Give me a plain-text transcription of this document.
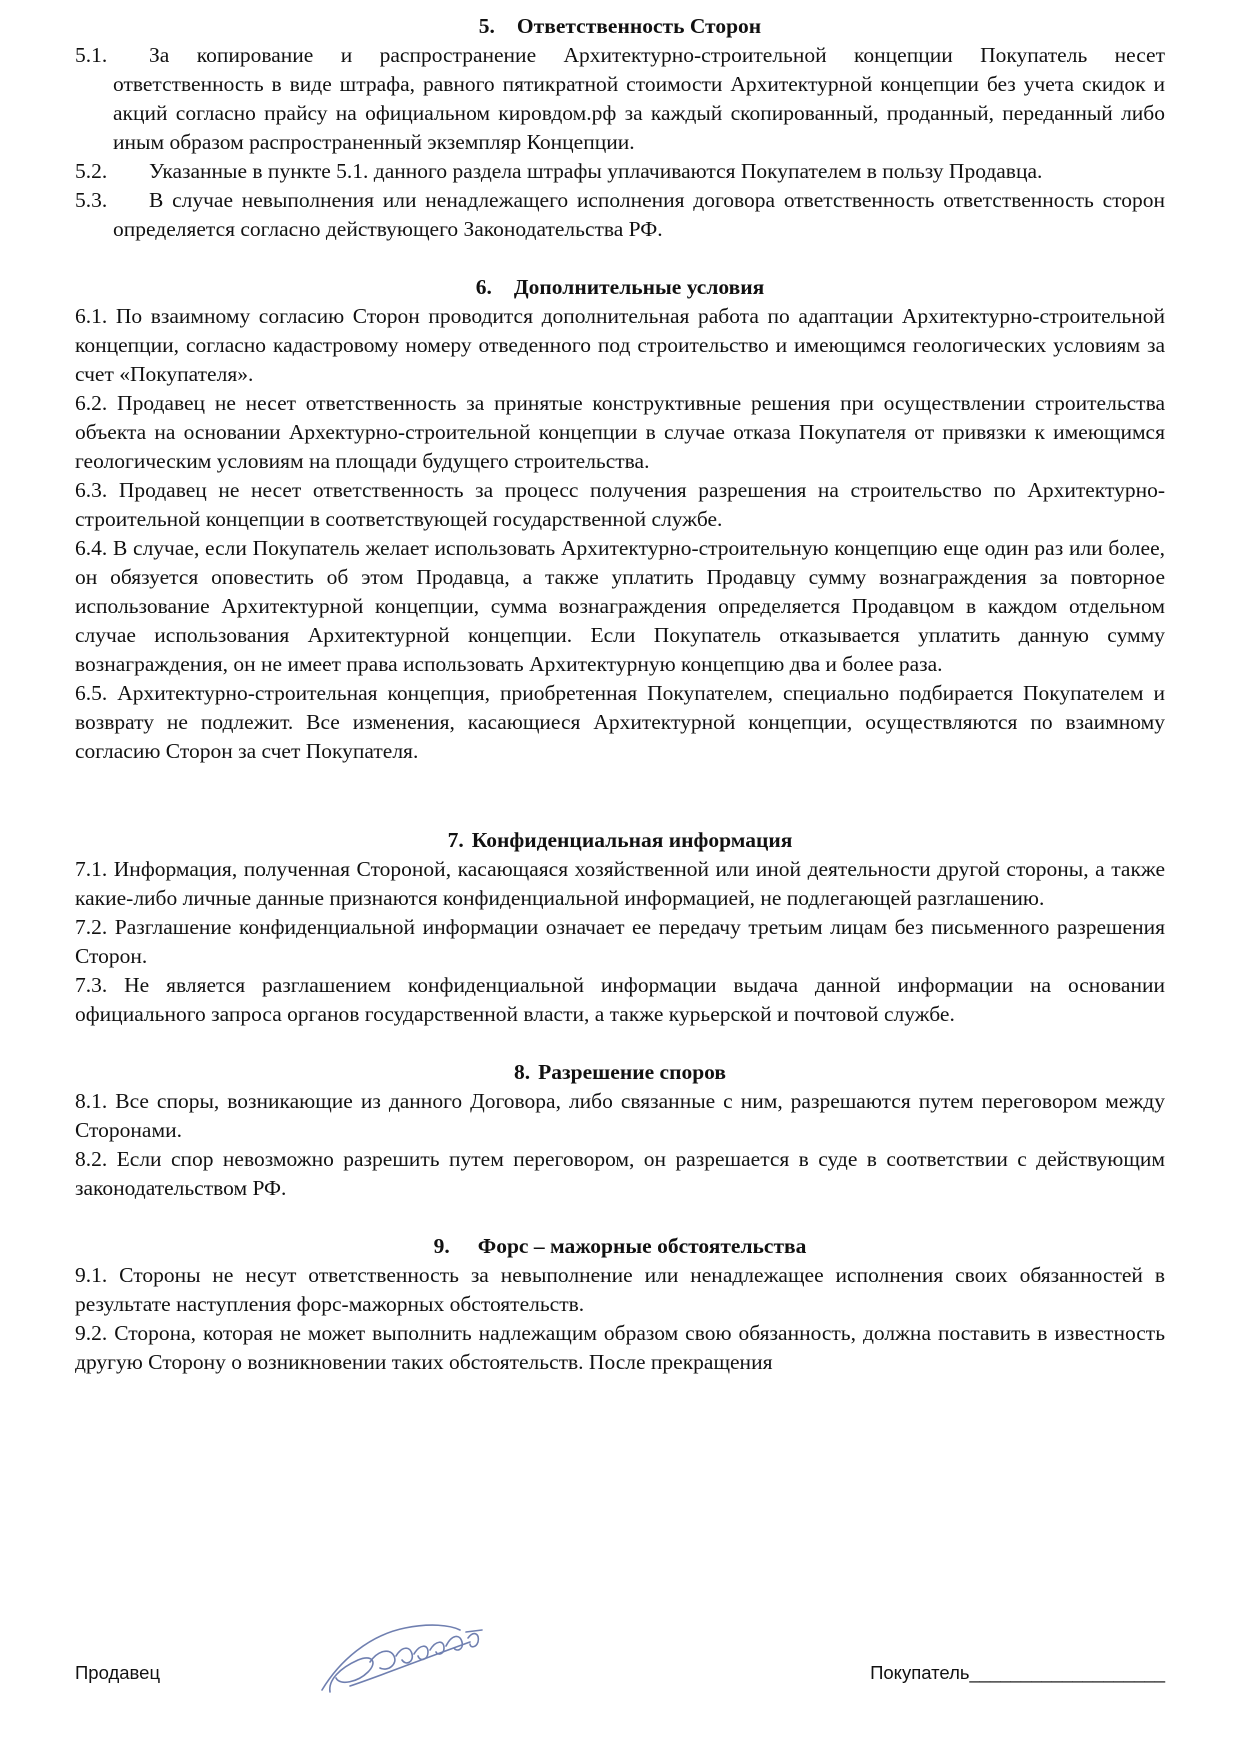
5. Ответственность Сторон

5.1. За копирование и распространение Архитектурно-строительной концепции Покупатель несет ответственность в виде штрафа, равного пятикратной стоимости Архитектурной концепции без учета скидок и акций согласно прайсу на официальном кировдом.рф за каждый скопированный, проданный, переданный либо иным образом распространенный экземпляр Концепции.

5.2. Указанные в пункте 5.1. данного раздела штрафы уплачиваются Покупателем в пользу Продавца.

5.3. В случае невыполнения или ненадлежащего исполнения договора ответственность ответственность сторон определяется согласно действующего Законодательства РФ.

6. Дополнительные условия

6.1. По взаимному согласию Сторон проводится дополнительная работа по адаптации Архитектурно-строительной концепции, согласно кадастровому номеру отведенного под строительство и имеющимся геологических условиям за счет «Покупателя».

6.2. Продавец не несет ответственность за принятые конструктивные решения при осуществлении строительства объекта на основании Архектурно-строительной концепции в случае отказа Покупателя от привязки к имеющимся геологическим условиям на площади будущего строительства.

6.3. Продавец не несет ответственность за процесс получения разрешения на строительство по Архитектурно-строительной концепции в соответствующей государственной службе.

6.4. В случае, если Покупатель желает использовать Архитектурно-строительную концепцию еще один раз или более, он обязуется оповестить об этом Продавца, а также уплатить Продавцу сумму вознаграждения за повторное использование Архитектурной концепции, сумма вознаграждения определяется Продавцом в каждом отдельном случае использования Архитектурной концепции. Если Покупатель отказывается уплатить данную сумму вознаграждения, он не имеет права использовать Архитектурную концепцию два и более раза.

6.5. Архитектурно-строительная концепция, приобретенная Покупателем, специально подбирается Покупателем и возврату не подлежит. Все изменения, касающиеся Архитектурной концепции, осуществляются по взаимному согласию Сторон за счет Покупателя.

7. Конфиденциальная информация

7.1. Информация, полученная Стороной, касающаяся хозяйственной или иной деятельности другой стороны, а также какие-либо личные данные признаются конфиденциальной информацией, не подлегающей разглашению.

7.2. Разглашение конфиденциальной информации означает ее передачу третьим лицам без письменного разрешения Сторон.

7.3. Не является разглашением конфиденциальной информации выдача данной информации на основании официального запроса органов государственной власти, а также курьерской и почтовой службе.

8. Разрешение споров

8.1. Все споры, возникающие из данного Договора, либо связанные с ним, разрешаются путем переговором между Сторонами.

8.2. Если спор невозможно разрешить путем переговором, он разрешается в суде в соответствии с действующим законодательством РФ.

9. Форс – мажорные обстоятельства

9.1. Стороны не несут ответственность за невыполнение или ненадлежащее исполнения своих обязанностей в результате наступления форс-мажорных обстоятельств.

9.2. Сторона, которая не может выполнить надлежащим образом свою обязанность, должна поставить в известность другую Сторону о возникновении таких обстоятельств. После прекращения

Продавец	Покупатель___________________
